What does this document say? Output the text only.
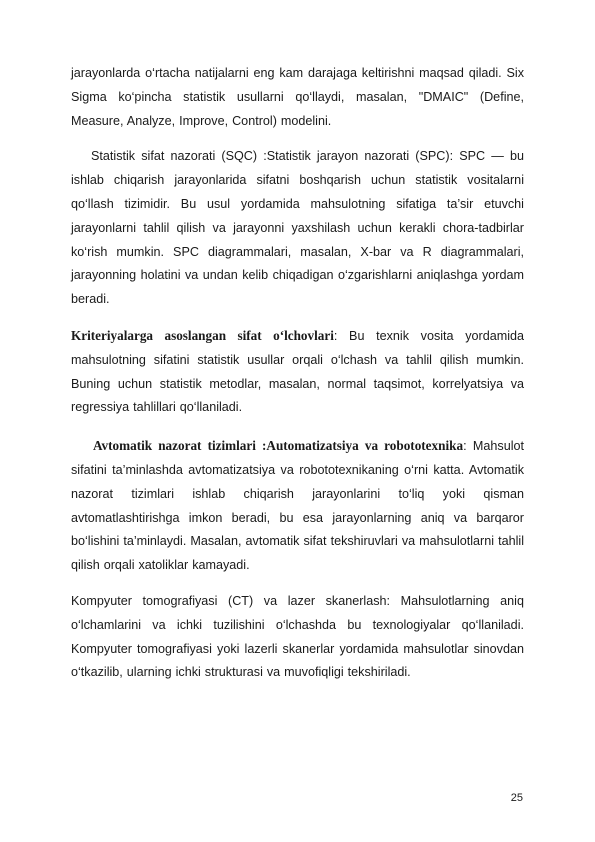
jarayonlarda o‘rtacha natijalarni eng kam darajaga keltirishni maqsad qiladi. Six Sigma ko‘pincha statistik usullarni qo‘llaydi, masalan, "DMAIC" (Define, Measure, Analyze, Improve, Control) modelini.

Statistik sifat nazorati (SQC) :Statistik jarayon nazorati (SPC): SPC — bu ishlab chiqarish jarayonlarida sifatni boshqarish uchun statistik vositalarni qo‘llash tizimidir. Bu usul yordamida mahsulotning sifatiga ta’sir etuvchi jarayonlarni tahlil qilish va jarayonni yaxshilash uchun kerakli chora-tadbirlar ko‘rish mumkin. SPC diagrammalari, masalan, X-bar va R diagrammalari, jarayonning holatini va undan kelib chiqadigan o‘zgarishlarni aniqlashga yordam beradi.

Kriteriyalarga asoslangan sifat o‘lchovlari: Bu texnik vosita yordamida mahsulotning sifatini statistik usullar orqali o‘lchash va tahlil qilish mumkin. Buning uchun statistik metodlar, masalan, normal taqsimot, korrelyatsiya va regressiya tahlillari qo‘llaniladi.

Avtomatik nazorat tizimlari :Automatizatsiya va robototexnika: Mahsulot sifatini ta’minlashda avtomatizatsiya va robototexnikaning o‘rni katta. Avtomatik nazorat tizimlari ishlab chiqarish jarayonlarini to‘liq yoki qisman avtomatlashtirishga imkon beradi, bu esa jarayonlarning aniq va barqaror bo‘lishini ta’minlaydi. Masalan, avtomatik sifat tekshiruvlari va mahsulotlarni tahlil qilish orqali xatoliklar kamayadi.

Kompyuter tomografiyasi (CT) va lazer skanerlash: Mahsulotlarning aniq o‘lchamlarini va ichki tuzilishini o‘lchashda bu texnologiyalar qo‘llaniladi. Kompyuter tomografiyasi yoki lazerli skanerlar yordamida mahsulotlar sinovdan o‘tkazilib, ularning ichki strukturasi va muvofiqligi tekshiriladi.

25
